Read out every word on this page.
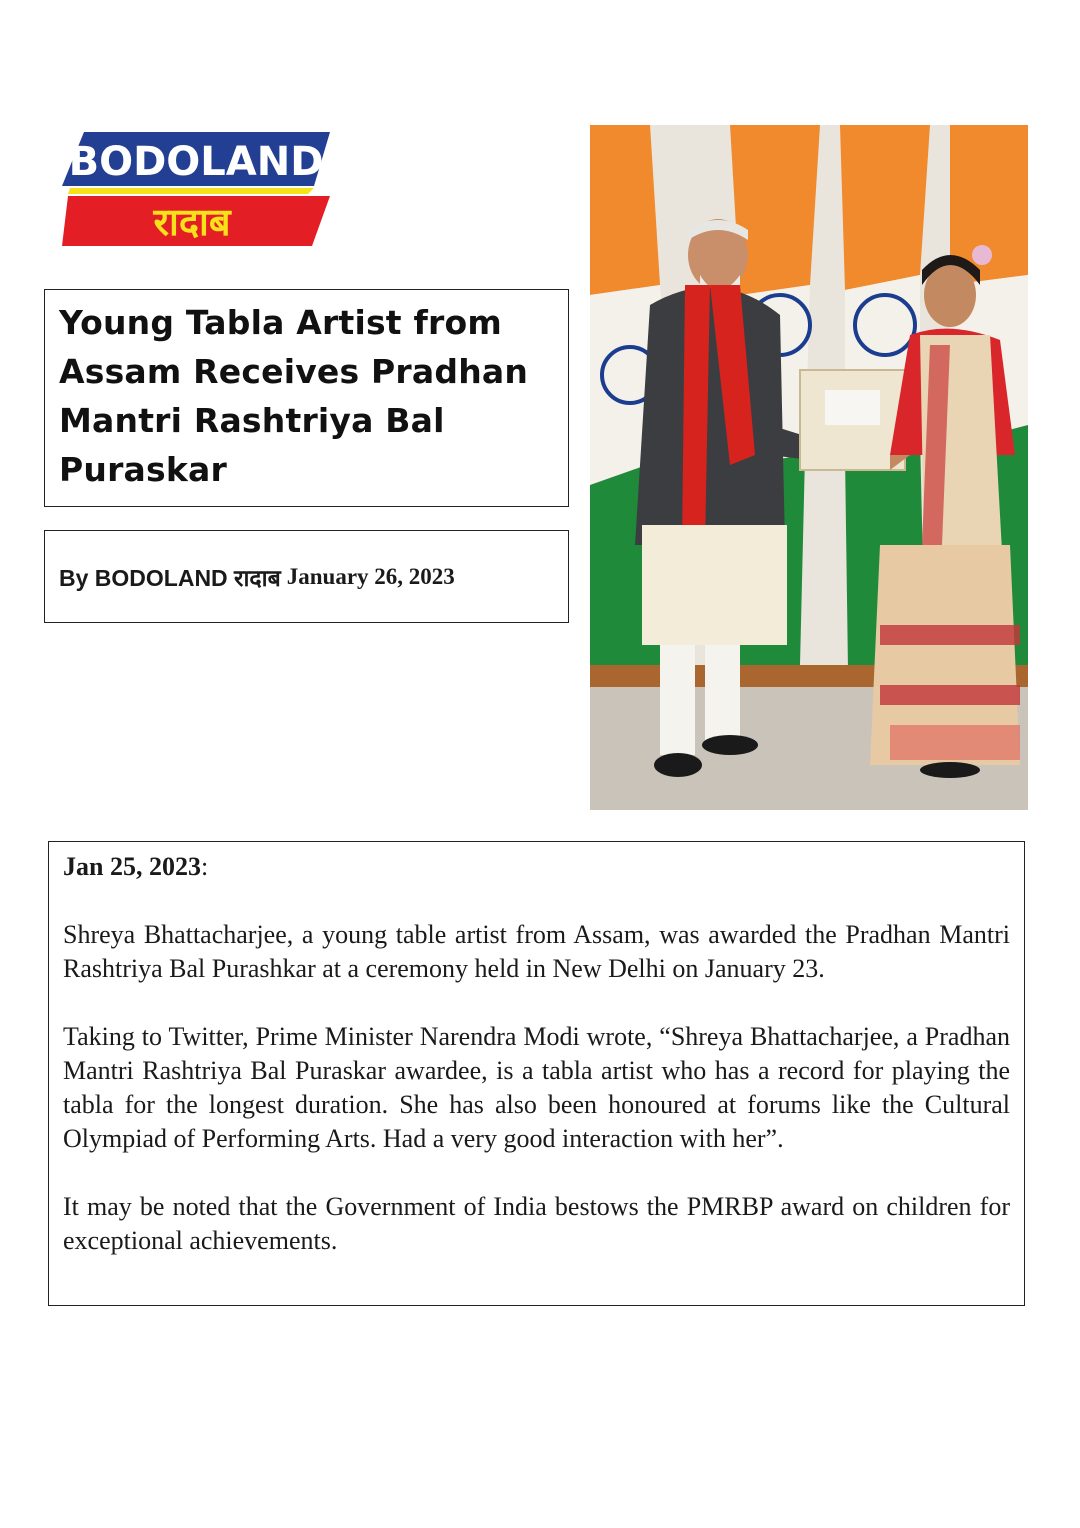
BODOLAND
रादाब
Young Tabla Artist from Assam Receives Pradhan Mantri Rashtriya Bal Puraskar
By BODOLAND रादाब January 26, 2023

Jan 25, 2023:

Shreya Bhattacharjee, a young table artist from Assam, was awarded the Pradhan Mantri Rashtriya Bal Purashkar at a ceremony held in New Delhi on January 23.

Taking to Twitter, Prime Minister Narendra Modi wrote, “Shreya Bhattacharjee, a Pradhan Mantri Rashtriya Bal Puraskar awardee, is a tabla artist who has a record for playing the tabla for the longest duration. She has also been honoured at forums like the Cultural Olympiad of Performing Arts. Had a very good interaction with her”.

It may be noted that the Government of India bestows the PMRBP award on children for exceptional achievements.
